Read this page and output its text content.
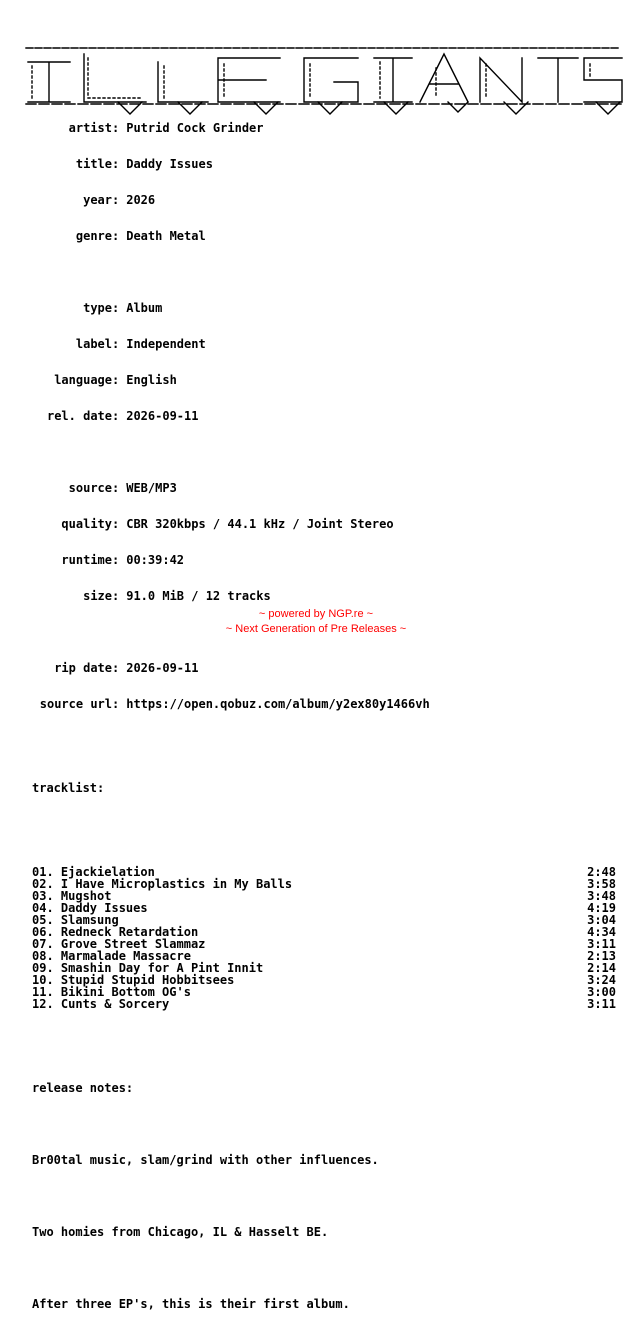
artist: Putrid Cock Grinder

title: Daddy Issues

year: 2026

genre: Death Metal

type: Album

label: Independent

language: English

rel. date: 2026-09-11

source: WEB/MP3

quality: CBR 320kbps / 44.1 kHz / Joint Stereo

runtime: 00:39:42

size: 91.0 MiB / 12 tracks

rip date: 2026-09-11

source url: https://open.qobuz.com/album/y2ex80y1466vh

tracklist:

01. Ejackielation	2:48
02. I Have Microplastics in My Balls	3:58
03. Mugshot	3:48
04. Daddy Issues	4:19
05. Slamsung	3:04
06. Redneck Retardation	4:34
07. Grove Street Slammaz	3:11
08. Marmalade Massacre	2:13
09. Smashin Day for A Pint Innit	2:14
10. Stupid Stupid Hobbitsees	3:24
11. Bikini Bottom OG's	3:00
12. Cunts & Sorcery	3:11

release notes:

Br00tal music, slam/grind with other influences.

Two homies from Chicago, IL & Hasselt BE.

After three EP's, this is their first album.

~ powered by NGP.re ~
~ Next Generation of Pre Releases ~
